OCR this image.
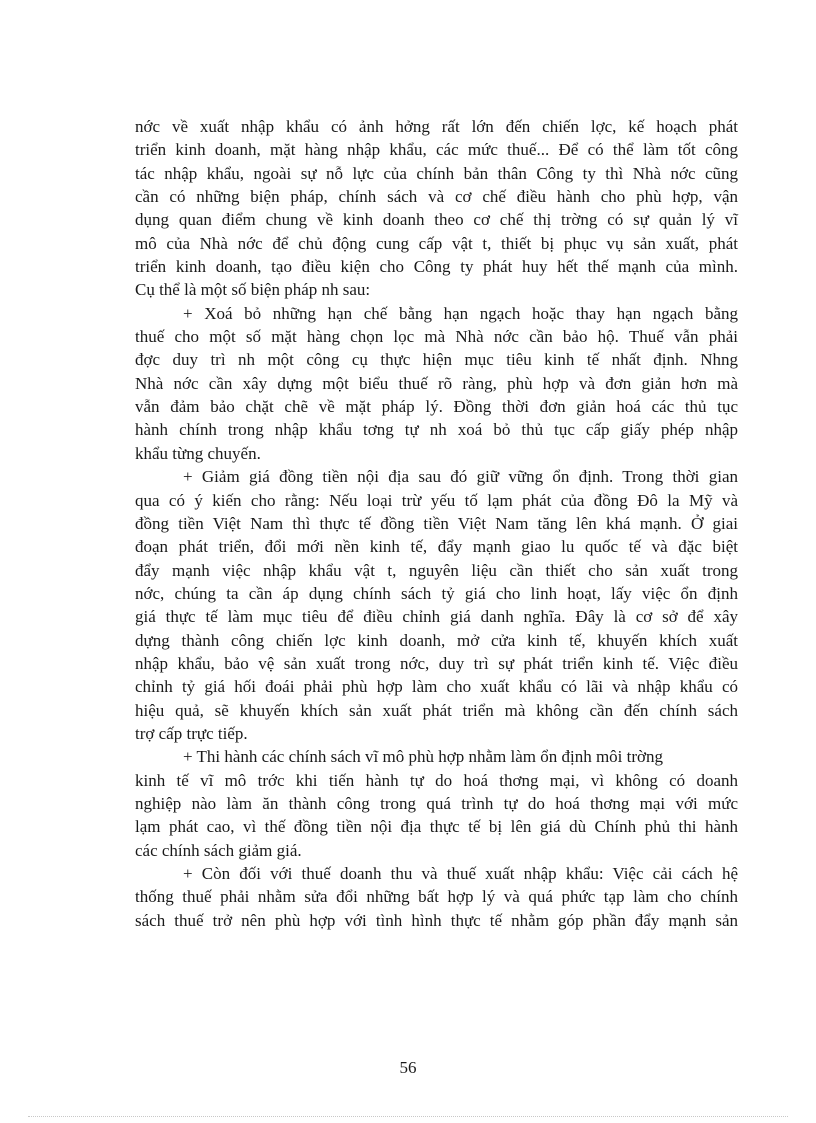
nớc về xuất nhập khẩu có ảnh hởng rất lớn đến chiến lợc, kế hoạch phát
triển kinh doanh, mặt hàng nhập khẩu, các mức thuế... Để có thể làm tốt công
tác nhập khẩu, ngoài sự nỗ lực của chính bản thân Công ty thì Nhà nớc cũng
cần có những biện pháp, chính sách và cơ chế điều hành cho phù hợp, vận
dụng quan điểm chung về kinh doanh theo cơ chế thị trờng có sự quản lý vĩ
mô của Nhà nớc để chủ động cung cấp vật t, thiết bị phục vụ sản xuất, phát
triển kinh doanh, tạo điều kiện cho Công ty phát huy hết thế mạnh của mình.
Cụ thể là một số biện pháp nh sau:
+ Xoá bỏ những hạn chế bằng hạn ngạch hoặc thay hạn ngạch bằng
thuế cho một số mặt hàng chọn lọc mà Nhà nớc cần bảo hộ. Thuế vẫn phải
đợc duy trì nh một công cụ thực hiện mục tiêu kinh tế nhất định. Nhng
Nhà nớc cần xây dựng một biểu thuế rõ ràng, phù hợp và đơn giản hơn mà
vẫn đảm bảo chặt chẽ về mặt pháp lý. Đồng thời đơn giản hoá các thủ tục
hành chính trong nhập khẩu tơng tự nh xoá bỏ thủ tục cấp giấy phép nhập
khẩu từng chuyến.
+ Giảm giá đồng tiền nội địa sau đó giữ vững ổn định. Trong thời gian
qua có ý kiến cho rằng: Nếu loại trừ yếu tố lạm phát của đồng Đô la Mỹ và
đồng tiền Việt Nam thì thực tế đồng tiền Việt Nam tăng lên khá mạnh. Ở giai
đoạn phát triển, đổi mới nền kinh tế, đẩy mạnh giao lu quốc tế và đặc biệt
đẩy mạnh việc nhập khẩu vật t, nguyên liệu cần thiết cho sản xuất trong
nớc, chúng ta cần áp dụng chính sách tỷ giá cho linh hoạt, lấy việc ổn định
giá thực tế làm mục tiêu để điều chỉnh giá danh nghĩa. Đây là cơ sở để xây
dựng thành công chiến lợc kinh doanh, mở cửa kinh tế, khuyến khích xuất
nhập khẩu, bảo vệ sản xuất trong nớc, duy trì sự phát triển kinh tế. Việc điều
chỉnh tỷ giá hối đoái phải phù hợp làm cho xuất khẩu có lãi và nhập khẩu có
hiệu quả, sẽ khuyến khích sản xuất phát triển mà không cần đến chính sách
trợ cấp trực tiếp.
+ Thi hành các chính sách vĩ mô phù hợp nhằm làm ổn định môi trờng
kinh tế vĩ mô trớc khi tiến hành tự do hoá thơng mại, vì không có doanh
nghiệp nào làm ăn thành công trong quá trình tự do hoá thơng mại với mức
lạm phát cao, vì thế đồng tiền nội địa thực tế bị lên giá dù Chính phủ thi hành
các chính sách giảm giá.
+ Còn đối với thuế doanh thu và thuế xuất nhập khẩu: Việc cải cách hệ
thống thuế phải nhằm sửa đổi những bất hợp lý và quá phức tạp làm cho chính
sách thuế trở nên phù hợp với tình hình thực tế nhằm góp phần đẩy mạnh sản
56
